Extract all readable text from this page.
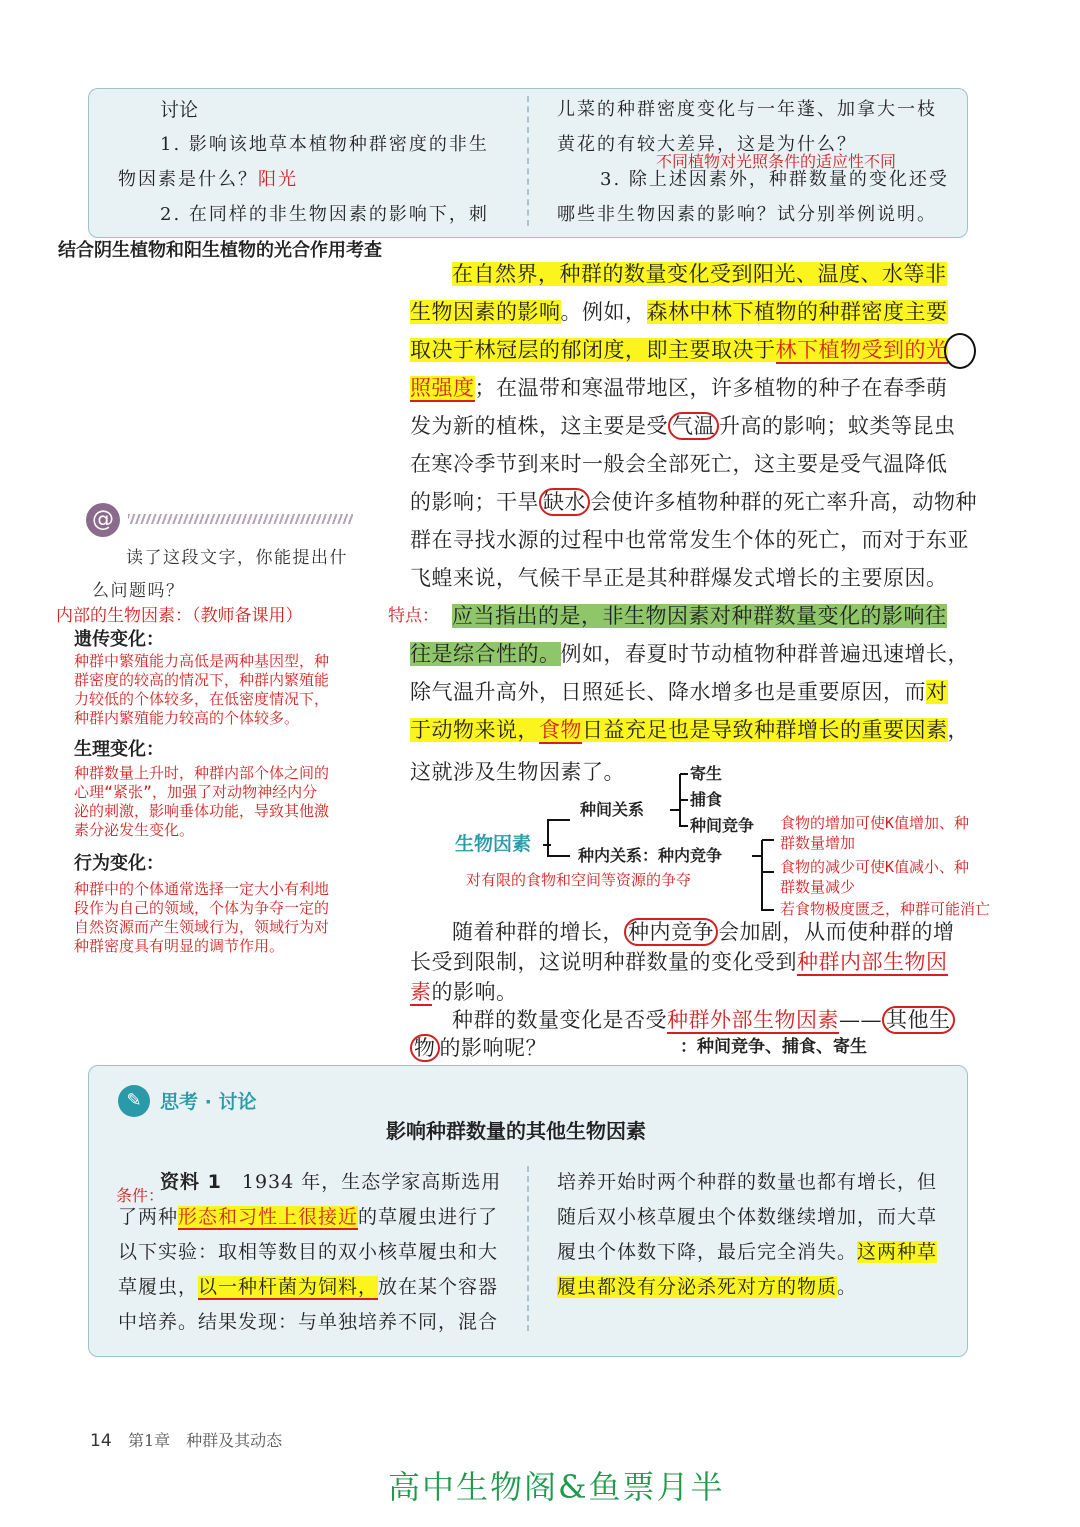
讨论
1. 影响该地草本植物种群密度的非生
物因素是什么？阳光
2. 在同样的非生物因素的影响下，刺
儿菜的种群密度变化与一年蓬、加拿大一枝
黄花的有较大差异，这是为什么？
不同植物对光照条件的适应性不同
3. 除上述因素外，种群数量的变化还受
哪些非生物因素的影响？试分别举例说明。
结合阴生植物和阳生植物的光合作用考查
在自然界，种群的数量变化受到阳光、温度、水等非
生物因素的影响。例如，森林中林下植物的种群密度主要
取决于林冠层的郁闭度，即主要取决于林下植物受到的光
照强度；在温带和寒温带地区，许多植物的种子在春季萌
发为新的植株，这主要是受 气温 升高的影响；蚊类等昆虫
在寒冷季节到来时一般会全部死亡，这主要是受气温降低
的影响；干旱 缺水 会使许多植物种群的死亡率升高，动物种
群在寻找水源的过程中也常常发生个体的死亡，而对于东亚
飞蝗来说，气候干旱正是其种群爆发式增长的主要原因。
@
读了这段文字，你能提出什
么问题吗？
内部的生物因素：（教师备课用）
遗传变化：
种群中繁殖能力高低是两种基因型，种
群密度的较高的情况下，种群内繁殖能
力较低的个体较多，在低密度情况下，
种群内繁殖能力较高的个体较多。
生理变化：
种群数量上升时，种群内部个体之间的
心理“紧张”，加强了对动物神经内分
泌的刺激，影响垂体功能，导致其他激
素分泌发生变化。
行为变化：
种群中的个体通常选择一定大小有利地
段作为自己的领域，个体为争夺一定的
自然资源而产生领域行为，领域行为对
种群密度具有明显的调节作用。
特点： 应当指出的是，非生物因素对种群数量变化的影响往
往是综合性的。例如，春夏时节动植物种群普遍迅速增长，
除气温升高外，日照延长、降水增多也是重要原因，而对
于动物来说，食物日益充足也是导致种群增长的重要因素，
这就涉及生物因素了。
生物因素
种间关系
寄生
捕食
种间竞争
种内关系：种内竞争
对有限的食物和空间等资源的争夺
食物的增加可使K值增加、种
群数量增加
食物的减少可使K值减小、种
群数量减少
若食物极度匮乏，种群可能消亡
随着种群的增长， 种内竞争 会加剧，从而使种群的增
长受到限制，这说明种群数量的变化受到种群内部生物因
素的影响。
种群的数量变化是否受种群外部生物因素—— 其他生
物 的影响呢？	：种间竞争、捕食、寄生
✎ 思考 · 讨论
影响种群数量的其他生物因素
条件：
资料 1　 1934 年，生态学家高斯选用
了两种形态和习性上很接近的草履虫进行了
以下实验：取相等数目的双小核草履虫和大
草履虫，以一种杆菌为饲料，放在某个容器
中培养。结果发现：与单独培养不同，混合
培养开始时两个种群的数量也都有增长，但
随后双小核草履虫个体数继续增加，而大草
履虫个体数下降，最后完全消失。这两种草
履虫都没有分泌杀死对方的物质。
14 第1章　种群及其动态
高中生物阁&鱼票月半
